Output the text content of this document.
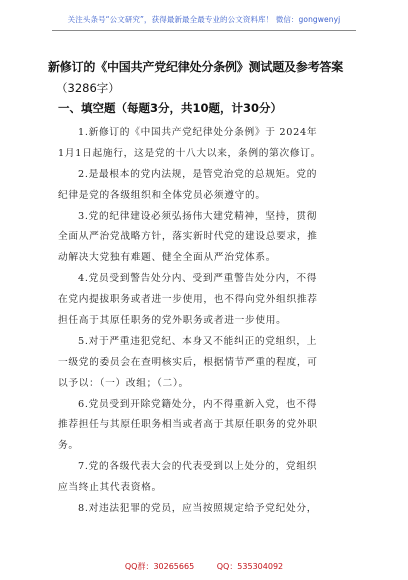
关注头条号“公文研究”，获得最新最全最专业的公文资料库！ 微信：gongwenyj
新修订的《中国共产党纪律处分条例》测试题及参考答案
（3286字）
一、填空题（每题3分，共10题，计30分）
1.新修订的《中国共产党纪律处分条例》于 2024年
1月1日起施行，这是党的十八大以来，条例的第次修订。
2.是最根本的党内法规，是管党治党的总规矩。党的
纪律是党的各级组织和全体党员必须遵守的。
3.党的纪律建设必须弘扬伟大建党精神，坚持，贯彻
全面从严治党战略方针，落实新时代党的建设总要求，推
动解决大党独有难题、健全全面从严治党体系。
4.党员受到警告处分内、受到严重警告处分内，不得
在党内提拔职务或者进一步使用，也不得向党外组织推荐
担任高于其原任职务的党外职务或者进一步使用。
5.对于严重违犯党纪、本身又不能纠正的党组织，上
一级党的委员会在查明核实后，根据情节严重的程度，可
以予以：（一）改组；（二）。
6.党员受到开除党籍处分，内不得重新入党，也不得
推荐担任与其原任职务相当或者高于其原任职务的党外职
务。
7.党的各级代表大会的代表受到以上处分的，党组织
应当终止其代表资格。
8.对违法犯罪的党员，应当按照规定给予党纪处分，
QQ群：30265665	QQ：535304092
